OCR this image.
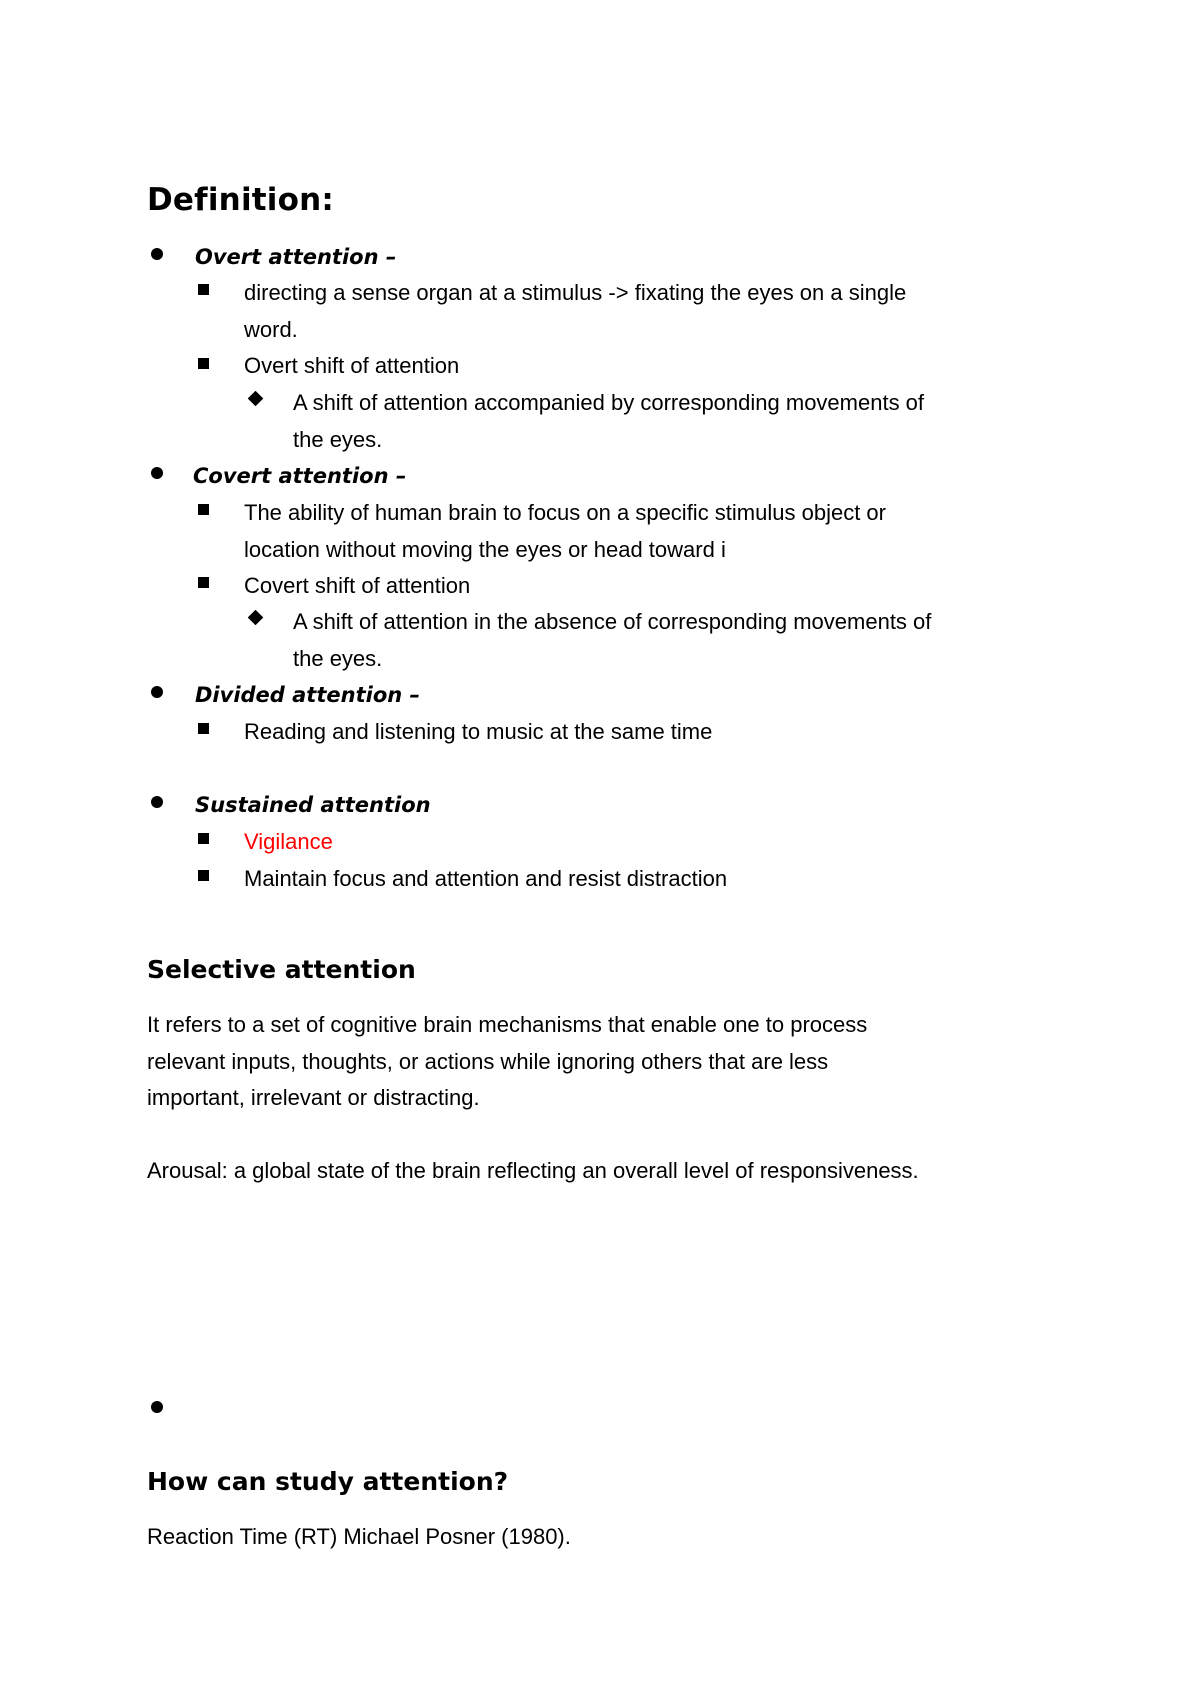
Definition:
Overt attention –
directing a sense organ at a stimulus -> fixating the eyes on a single
word.
Overt shift of attention
A shift of attention accompanied by corresponding movements of
the eyes.
Covert attention –
The ability of human brain to focus on a specific stimulus object or
location without moving the eyes or head toward i
Covert shift of attention
A shift of attention in the absence of corresponding movements of
the eyes.
Divided attention –
Reading and listening to music at the same time
Sustained attention
Vigilance
Maintain focus and attention and resist distraction
Selective attention
It refers to a set of cognitive brain mechanisms that enable one to process
relevant inputs, thoughts, or actions while ignoring others that are less
important, irrelevant or distracting.
Arousal: a global state of the brain reflecting an overall level of responsiveness.
How can study attention?
Reaction Time (RT) Michael Posner (1980).
